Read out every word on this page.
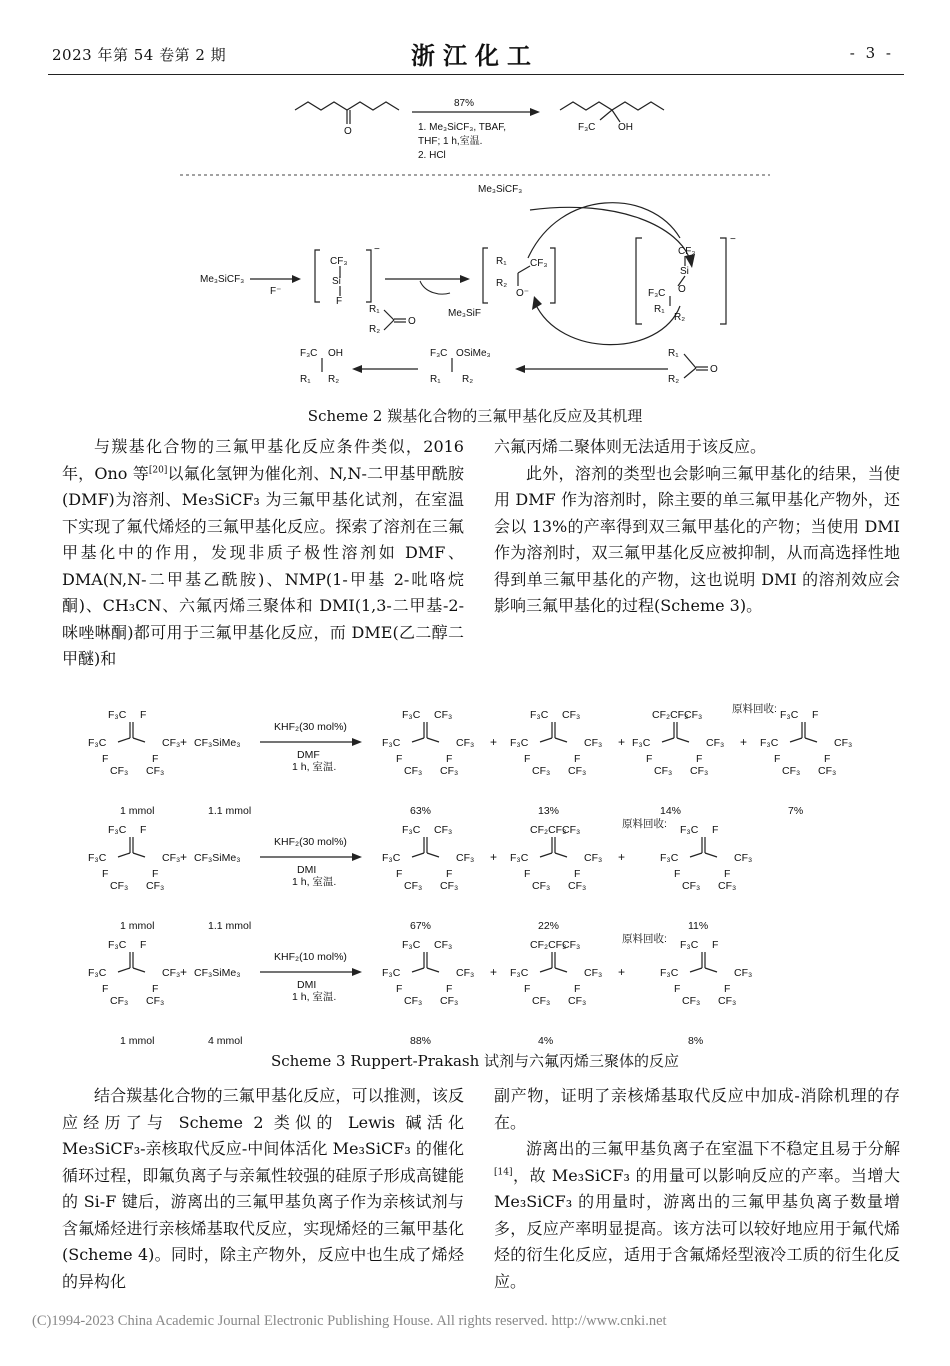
2023 年第 54 卷第 2 期	浙江化工	- 3 -
O
87%
1. Me₃SiCF₃, TBAF,
THF; 1 h,室温.
2. HCl
F₃C OH
Me₃SiCF₃
Me₃SiCF₃
F⁻
CF₃
Si
F
−
R₁
R₂
O
Me₃SiF
R₁ CF₃
R₂
O⁻
−
CF₃
Si
O
F₃C
R₁
R₂
R₁
R₂
O
F₃C OSiMe₃
R₁ R₂
F₃C OH
R₁ R₂
Scheme 2 羰基化合物的三氟甲基化反应及其机理

与羰基化合物的三氟甲基化反应条件类似，2016 年，Ono 等[20]以氟化氢钾为催化剂、N,N-二甲基甲酰胺(DMF)为溶剂、Me₃SiCF₃ 为三氟甲基化试剂，在室温下实现了氟代烯烃的三氟甲基化反应。探索了溶剂在三氟甲基化中的作用，发现非质子极性溶剂如 DMF、DMA(N,N-二甲基乙酰胺)、NMP(1-甲基 2-吡咯烷酮)、CH₃CN、六氟丙烯三聚体和 DMI(1,3-二甲基-2-咪唑啉酮)都可用于三氟甲基化反应，而 DME(乙二醇二甲醚)和

六氟丙烯二聚体则无法适用于该反应。

此外，溶剂的类型也会影响三氟甲基化的结果，当使用 DMF 作为溶剂时，除主要的单三氟甲基化产物外，还会以 13%的产率得到双三氟甲基化的产物；当使用 DMI 作为溶剂时，双三氟甲基化反应被抑制，从而高选择性地得到单三氟甲基化的产物，这也说明 DMI 的溶剂效应会影响三氟甲基化的过程(Scheme 3)。

F₃C F
F₃C	CF₃
F	F
CF₃ CF₃
+ CF₃SiMe₃
KHF₂(30 mol%)
DMF
1 h, 室温.
1 mmol	1.1 mmol
F₃C CF₃
F₃C	CF₃
F	F
CF₃ CF₃
63%
+
F₃C CF₃
F₃C	CF₃
F	F
CF₃ CF₃
13%
+
CF₂CF₃
CF₃
F₃C	CF₃
F	F
CF₃ CF₃
14%
+
F₃C F
F₃C	CF₃
F	F
CF₃ CF₃
7%
原料回收:
F₃C F
F₃C	CF₃
F	F
CF₃ CF₃
+ CF₃SiMe₃
KHF₂(30 mol%)
DMI
1 h, 室温.
1 mmol	1.1 mmol
F₃C CF₃
F₃C	CF₃
F	F
CF₃ CF₃
67%
+
CF₂CF₃
CF₃
F₃C	CF₃
F	F
CF₃ CF₃
22%
+
F₃C F
F₃C	CF₃
F	F
CF₃ CF₃
11%
原料回收:
F₃C F
F₃C	CF₃
F	F
CF₃ CF₃
+ CF₃SiMe₃
KHF₂(10 mol%)
DMI
1 h, 室温.
1 mmol	4 mmol
F₃C CF₃
F₃C	CF₃
F	F
CF₃ CF₃
88%
+
CF₂CF₃
CF₃
F₃C	CF₃
F	F
CF₃ CF₃
4%
+
F₃C F
F₃C	CF₃
F	F
CF₃ CF₃
8%
原料回收:
Scheme 3 Ruppert-Prakash 试剂与六氟丙烯三聚体的反应

结合羰基化合物的三氟甲基化反应，可以推测，该反应经历了与 Scheme 2 类似的 Lewis 碱活化 Me₃SiCF₃-亲核取代反应-中间体活化 Me₃SiCF₃ 的催化循环过程，即氟负离子与亲氟性较强的硅原子形成高键能的 Si-F 键后，游离出的三氟甲基负离子作为亲核试剂与含氟烯烃进行亲核烯基取代反应，实现烯烃的三氟甲基化(Scheme 4)。同时，除主产物外，反应中也生成了烯烃的异构化

副产物，证明了亲核烯基取代反应中加成-消除机理的存在。

游离出的三氟甲基负离子在室温下不稳定且易于分解[14]，故 Me₃SiCF₃ 的用量可以影响反应的产率。当增大 Me₃SiCF₃ 的用量时，游离出的三氟甲基负离子数量增多，反应产率明显提高。该方法可以较好地应用于氟代烯烃的衍生化反应，适用于含氟烯烃型液冷工质的衍生化反应。

(C)1994-2023 China Academic Journal Electronic Publishing House. All rights reserved. http://www.cnki.net
